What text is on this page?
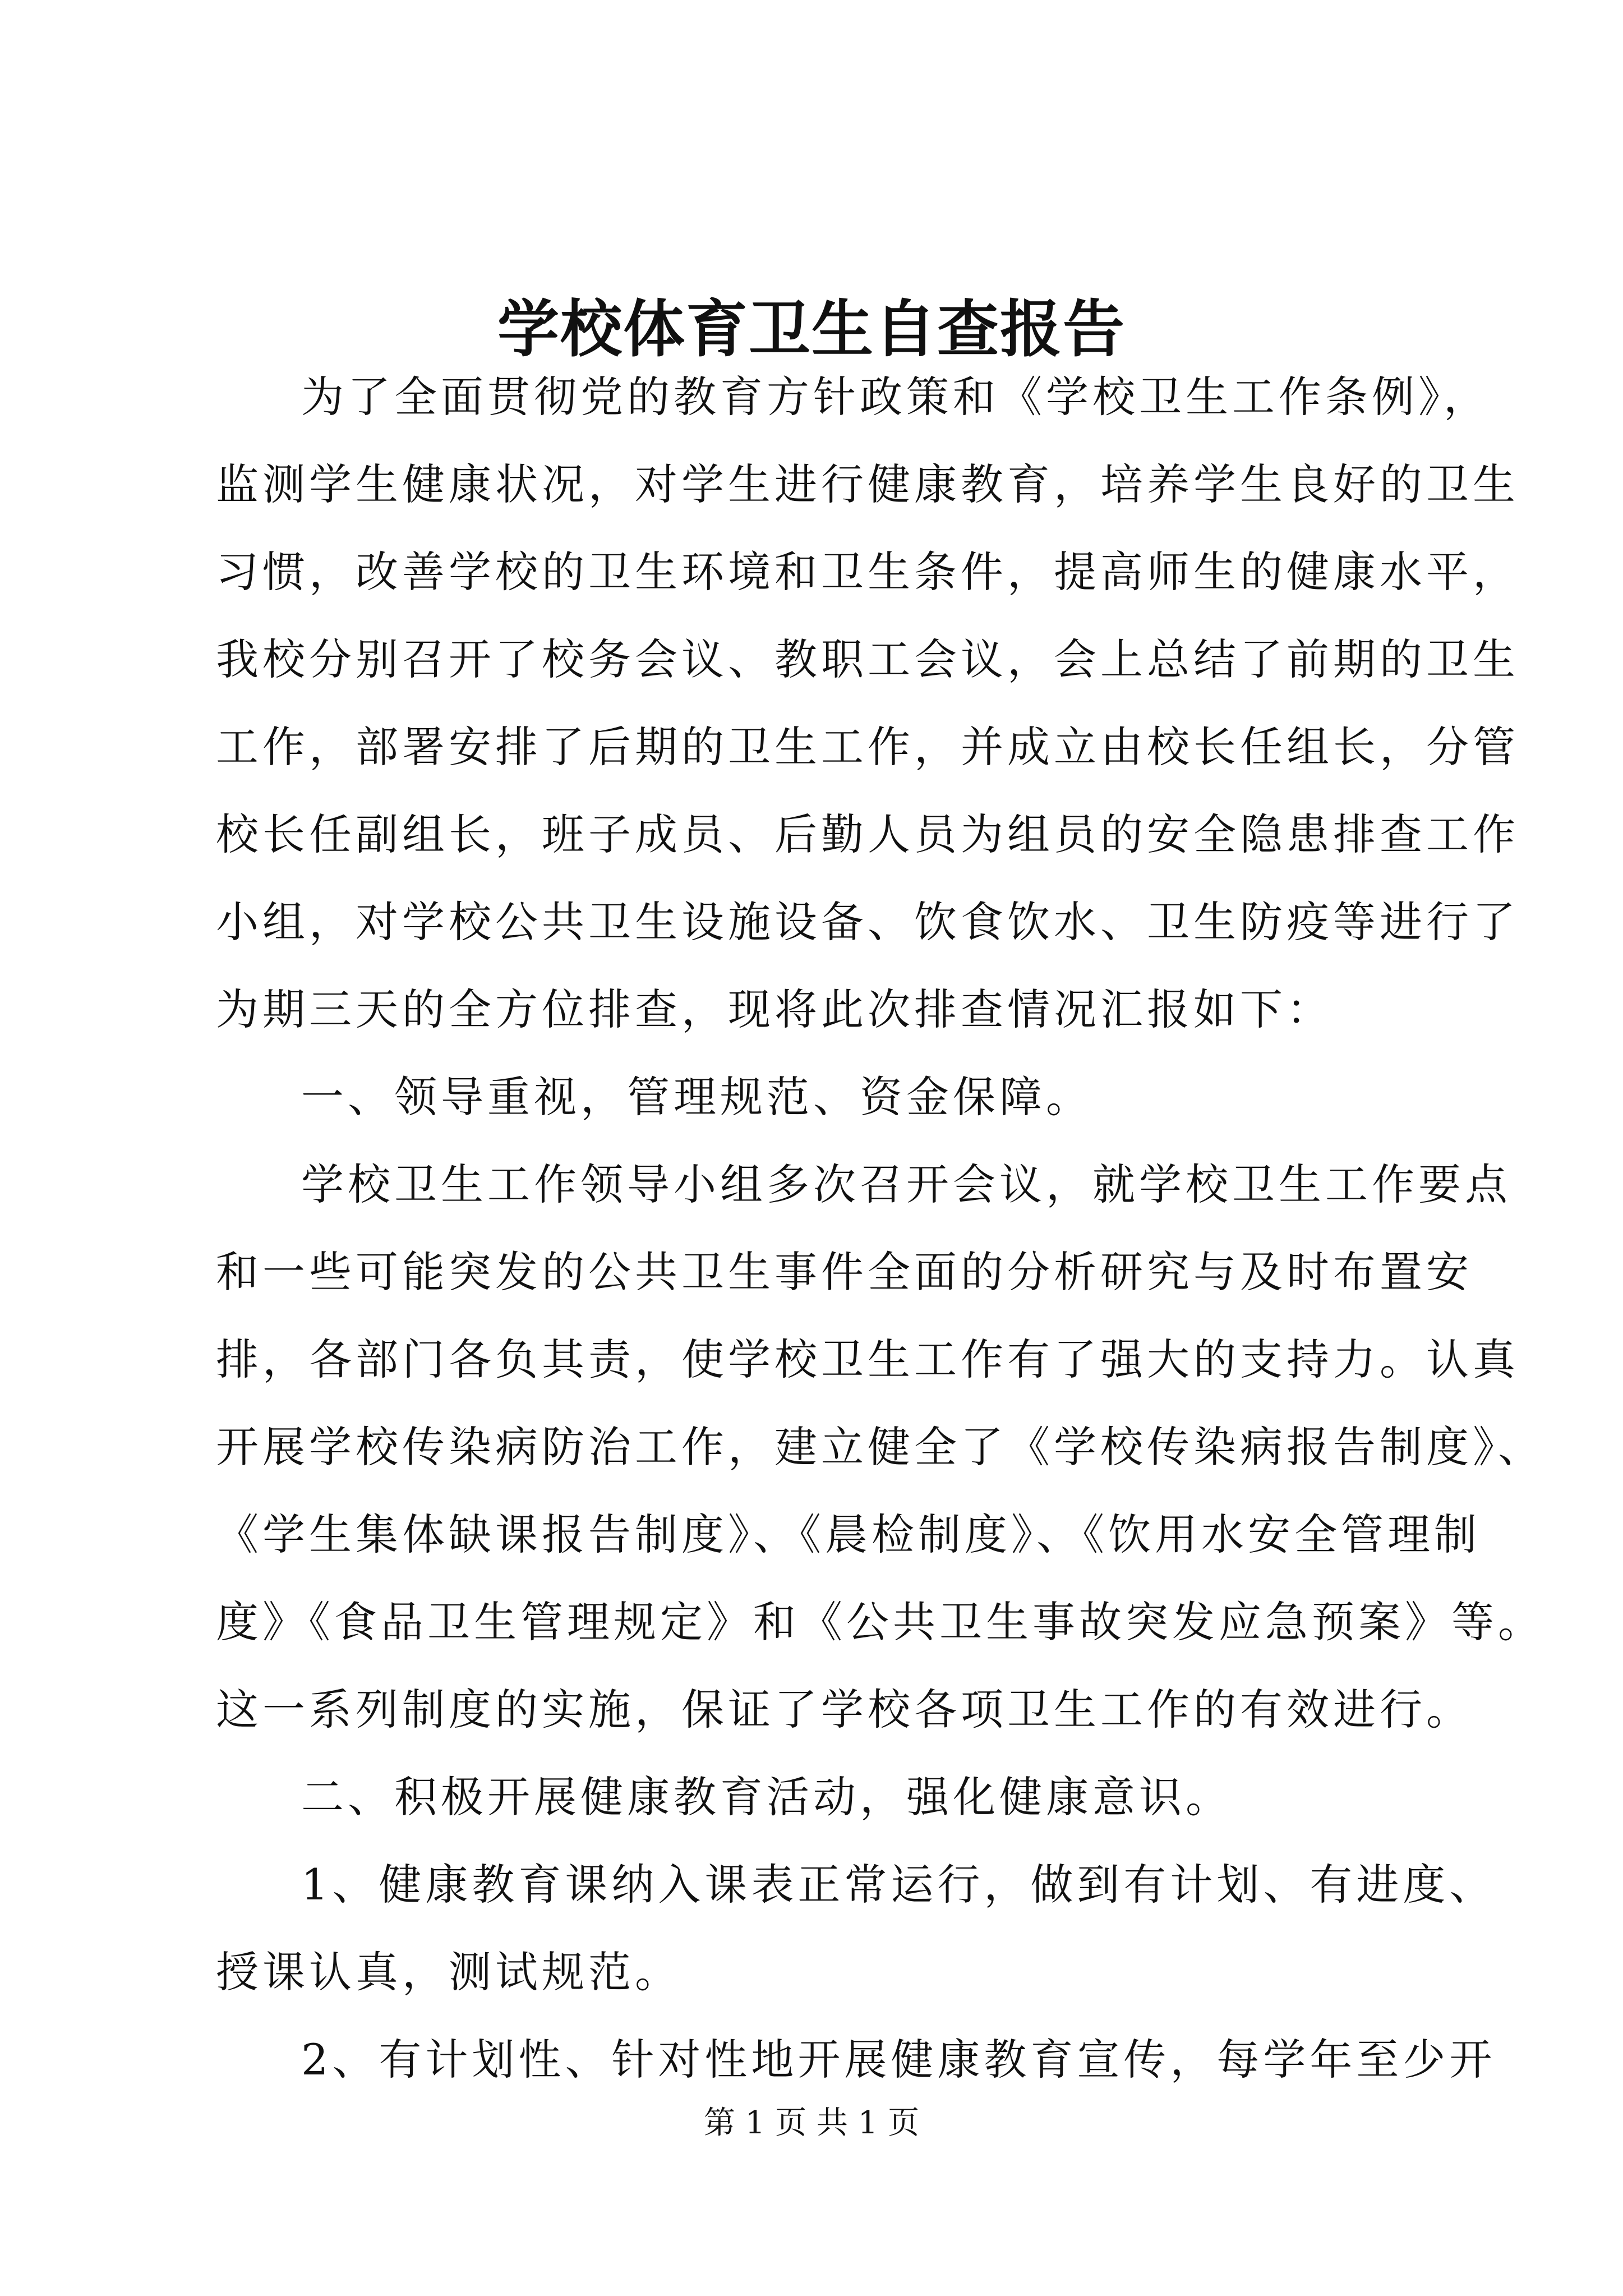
学校体育卫生自查报告
为了全面贯彻党的教育方针政策和《学校卫生工作条例》，
监测学生健康状况，对学生进行健康教育，培养学生良好的卫生
习惯，改善学校的卫生环境和卫生条件，提高师生的健康水平，
我校分别召开了校务会议、教职工会议，会上总结了前期的卫生
工作，部署安排了后期的卫生工作，并成立由校长任组长，分管
校长任副组长，班子成员、后勤人员为组员的安全隐患排查工作
小组，对学校公共卫生设施设备、饮食饮水、卫生防疫等进行了
为期三天的全方位排查，现将此次排查情况汇报如下：
一、领导重视，管理规范、资金保障。
学校卫生工作领导小组多次召开会议，就学校卫生工作要点
和一些可能突发的公共卫生事件全面的分析研究与及时布置安
排，各部门各负其责，使学校卫生工作有了强大的支持力。认真
开展学校传染病防治工作，建立健全了《学校传染病报告制度》、
《学生集体缺课报告制度》、《晨检制度》、《饮用水安全管理制
度》《食品卫生管理规定》和《公共卫生事故突发应急预案》等。
这一系列制度的实施，保证了学校各项卫生工作的有效进行。
二、积极开展健康教育活动，强化健康意识。
1、健康教育课纳入课表正常运行，做到有计划、有进度、
授课认真，测试规范。
2、有计划性、针对性地开展健康教育宣传，每学年至少开
第 1 页 共 1 页
